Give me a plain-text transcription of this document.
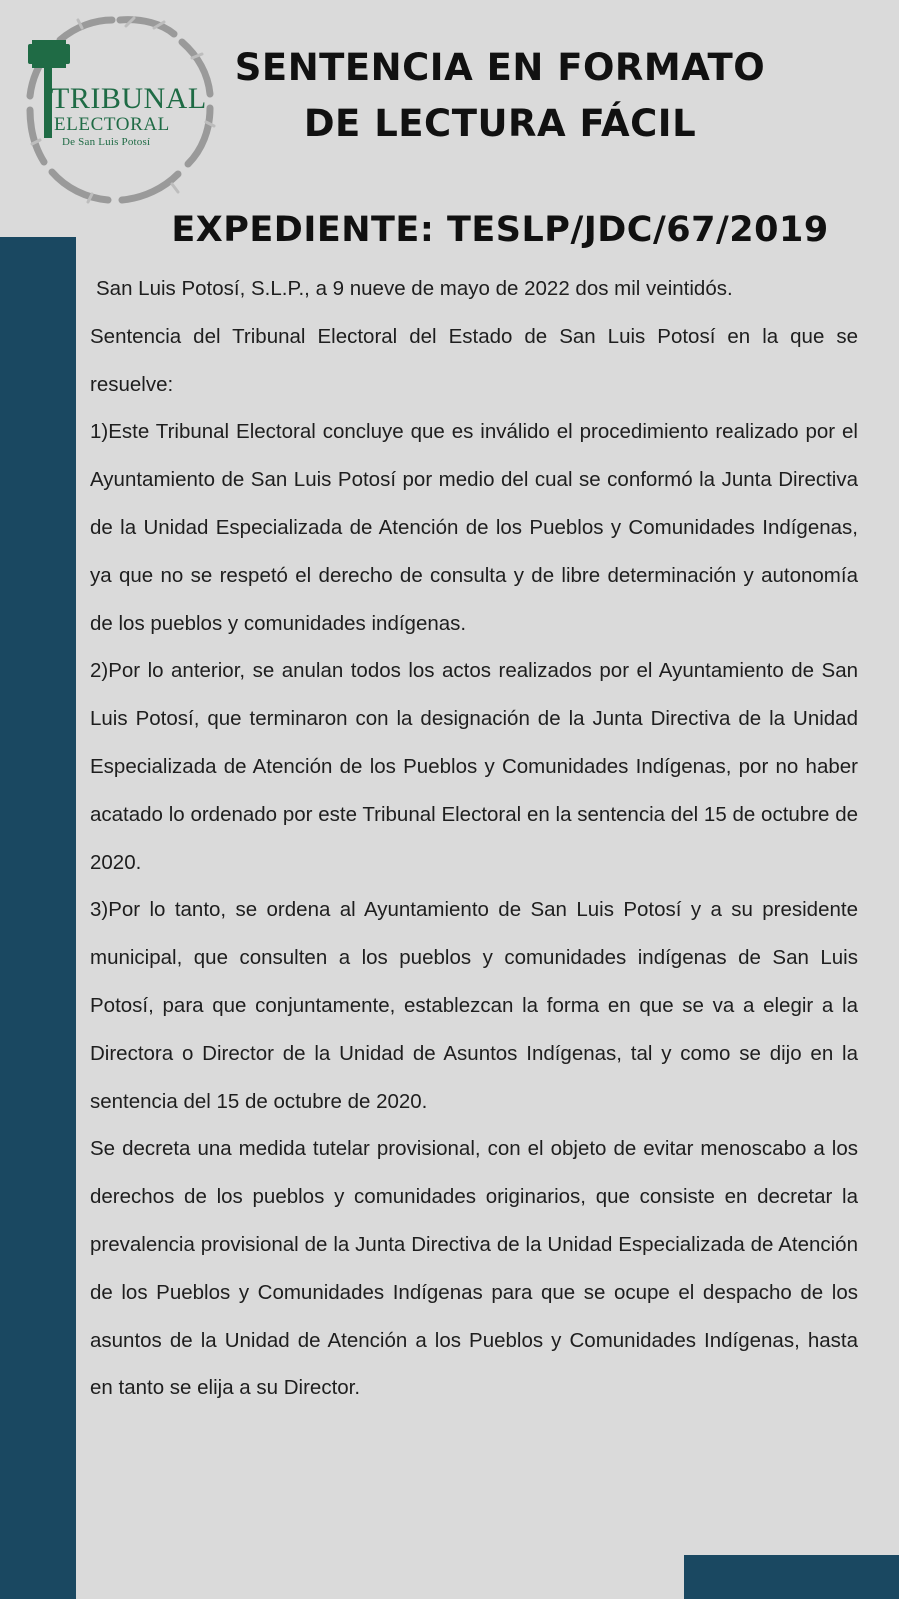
TRIBUNAL
ELECTORAL
De San Luis Potosí
SENTENCIA EN FORMATO
DE LECTURA FÁCIL
EXPEDIENTE: TESLP/JDC/67/2019

San Luis Potosí, S.L.P., a 9 nueve de mayo de 2022 dos mil veintidós.

Sentencia del Tribunal Electoral del Estado de San Luis Potosí en la que se resuelve:

1)Este Tribunal Electoral concluye que es inválido el procedimiento realizado por el Ayuntamiento de San Luis Potosí por medio del cual se conformó la Junta Directiva de la Unidad Especializada de Atención de los Pueblos y Comunidades Indígenas, ya que no se respetó el derecho de consulta y de libre determinación y autonomía de los pueblos y comunidades indígenas.

2)Por lo anterior, se anulan todos los actos realizados por el Ayuntamiento de San Luis Potosí, que terminaron con la designación de la Junta Directiva de la Unidad Especializada de Atención de los Pueblos y Comunidades Indígenas, por no haber acatado lo ordenado por este Tribunal Electoral en la sentencia del 15 de octubre de 2020.

3)Por lo tanto, se ordena al Ayuntamiento de San Luis Potosí y a su presidente municipal, que consulten a los pueblos y comunidades indígenas de San Luis Potosí, para que conjuntamente, establezcan la forma en que se va a elegir a la Directora o Director de la Unidad de Asuntos Indígenas, tal y como se dijo en la sentencia del 15 de octubre de 2020.

Se decreta una medida tutelar provisional, con el objeto de evitar menoscabo a los derechos de los pueblos y comunidades originarios, que consiste en decretar la prevalencia provisional de la Junta Directiva de la Unidad Especializada de Atención de los Pueblos y Comunidades Indígenas para que se ocupe el despacho de los asuntos de la Unidad de Atención a los Pueblos y Comunidades Indígenas, hasta en tanto se elija a su Director.
